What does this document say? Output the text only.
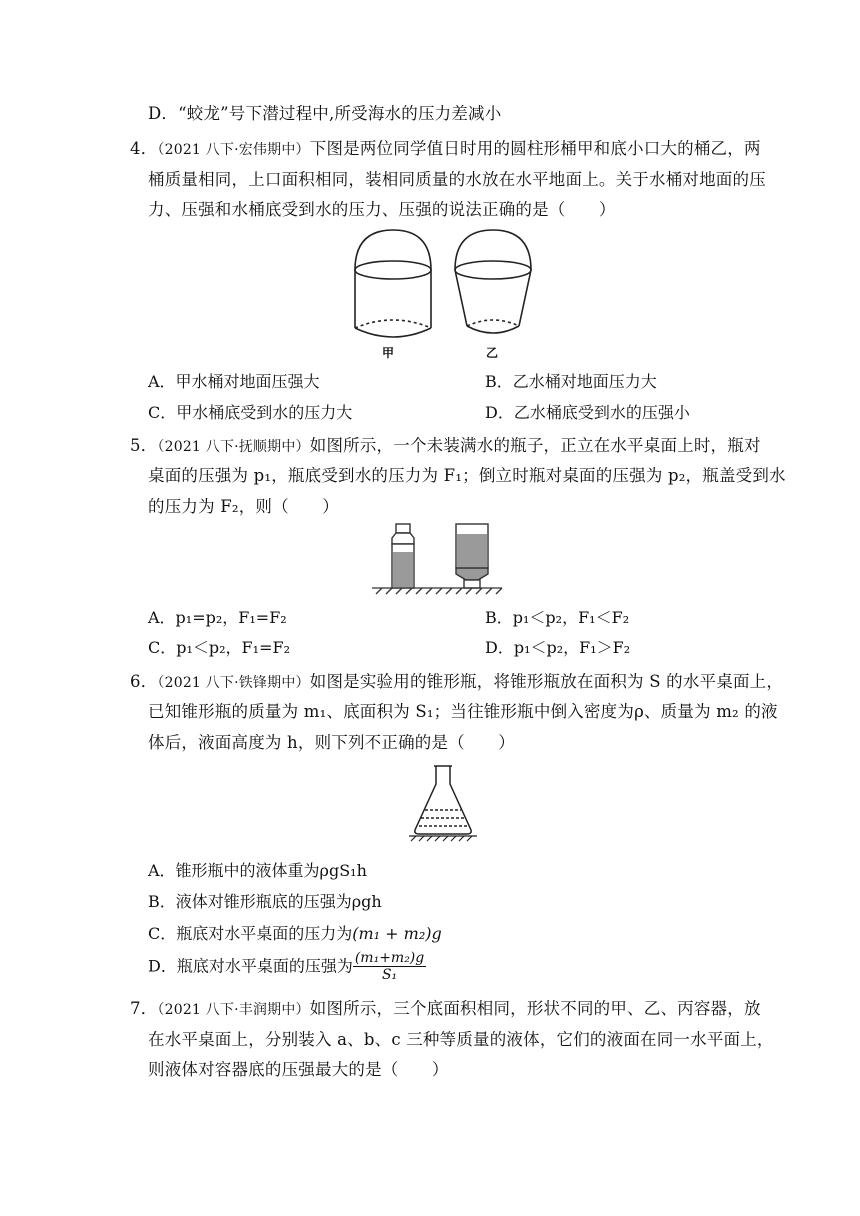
D．“蛟龙”号下潜过程中,所受海水的压力差减小
4．（2021 八下·宏伟期中）下图是两位同学值日时用的圆柱形桶甲和底小口大的桶乙，两
桶质量相同，上口面积相同，装相同质量的水放在水平地面上。关于水桶对地面的压
力、压强和水桶底受到水的压力、压强的说法正确的是（　　）
甲	乙
A．甲水桶对地面压强大	B．乙水桶对地面压力大
C．甲水桶底受到水的压力大	D．乙水桶底受到水的压强小
5．（2021 八下·抚顺期中）如图所示，一个未装满水的瓶子，正立在水平桌面上时，瓶对
桌面的压强为 p₁，瓶底受到水的压力为 F₁；倒立时瓶对桌面的压强为 p₂，瓶盖受到水
的压力为 F₂，则（　　）
A．p₁=p₂，F₁=F₂	B．p₁＜p₂，F₁＜F₂
C．p₁＜p₂，F₁=F₂	D．p₁＜p₂，F₁＞F₂
6．（2021 八下·铁锋期中）如图是实验用的锥形瓶，将锥形瓶放在面积为 S 的水平桌面上，
已知锥形瓶的质量为 m₁、底面积为 S₁；当往锥形瓶中倒入密度为ρ、质量为 m₂ 的液
体后，液面高度为 h，则下列不正确的是（　　）
A．锥形瓶中的液体重为ρgS₁h
B．液体对锥形瓶底的压强为ρgh
C．瓶底对水平桌面的压力为(m₁ + m₂)g
D．瓶底对水平桌面的压强为 $\frac{\text{(m₁+m₂)g}}{\text{S₁}}$
7．（2021 八下·丰润期中）如图所示，三个底面积相同，形状不同的甲、乙、丙容器，放
在水平桌面上，分别装入 a、b、c 三种等质量的液体，它们的液面在同一水平面上，
则液体对容器底的压强最大的是（　　）
